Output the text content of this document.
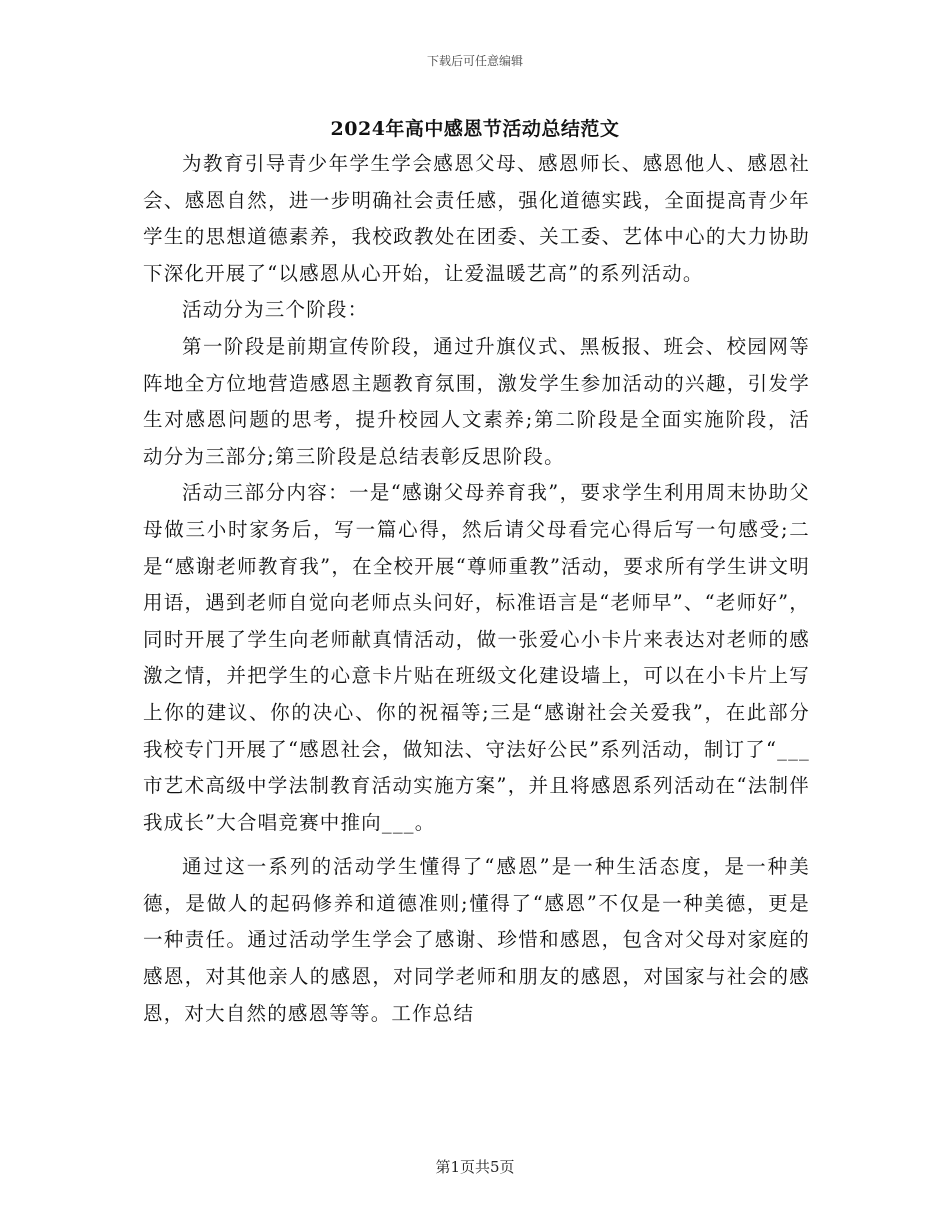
下载后可任意编辑
2024年高中感恩节活动总结范文

为教育引导青少年学生学会感恩父母、感恩师长、感恩他人、感恩社会、感恩自然，进一步明确社会责任感，强化道德实践，全面提高青少年学生的思想道德素养，我校政教处在团委、关工委、艺体中心的大力协助下深化开展了“以感恩从心开始，让爱温暖艺高”的系列活动。

活动分为三个阶段：

第一阶段是前期宣传阶段，通过升旗仪式、黑板报、班会、校园网等阵地全方位地营造感恩主题教育氛围，激发学生参加活动的兴趣，引发学生对感恩问题的思考，提升校园人文素养;第二阶段是全面实施阶段，活动分为三部分;第三阶段是总结表彰反思阶段。

活动三部分内容：一是“感谢父母养育我”，要求学生利用周末协助父母做三小时家务后，写一篇心得，然后请父母看完心得后写一句感受;二是“感谢老师教育我”，在全校开展“尊师重教”活动，要求所有学生讲文明用语，遇到老师自觉向老师点头问好，标准语言是“老师早”、“老师好”，同时开展了学生向老师献真情活动，做一张爱心小卡片来表达对老师的感激之情，并把学生的心意卡片贴在班级文化建设墙上，可以在小卡片上写上你的建议、你的决心、你的祝福等;三是“感谢社会关爱我”，在此部分我校专门开展了“感恩社会，做知法、守法好公民”系列活动，制订了“___市艺术高级中学法制教育活动实施方案”，并且将感恩系列活动在“法制伴我成长”大合唱竞赛中推向___。

通过这一系列的活动学生懂得了“感恩”是一种生活态度，是一种美德，是做人的起码修养和道德准则;懂得了“感恩”不仅是一种美德，更是一种责任。通过活动学生学会了感谢、珍惜和感恩，包含对父母对家庭的感恩，对其他亲人的感恩，对同学老师和朋友的感恩，对国家与社会的感恩，对大自然的感恩等等。工作总结

第1页共5页
